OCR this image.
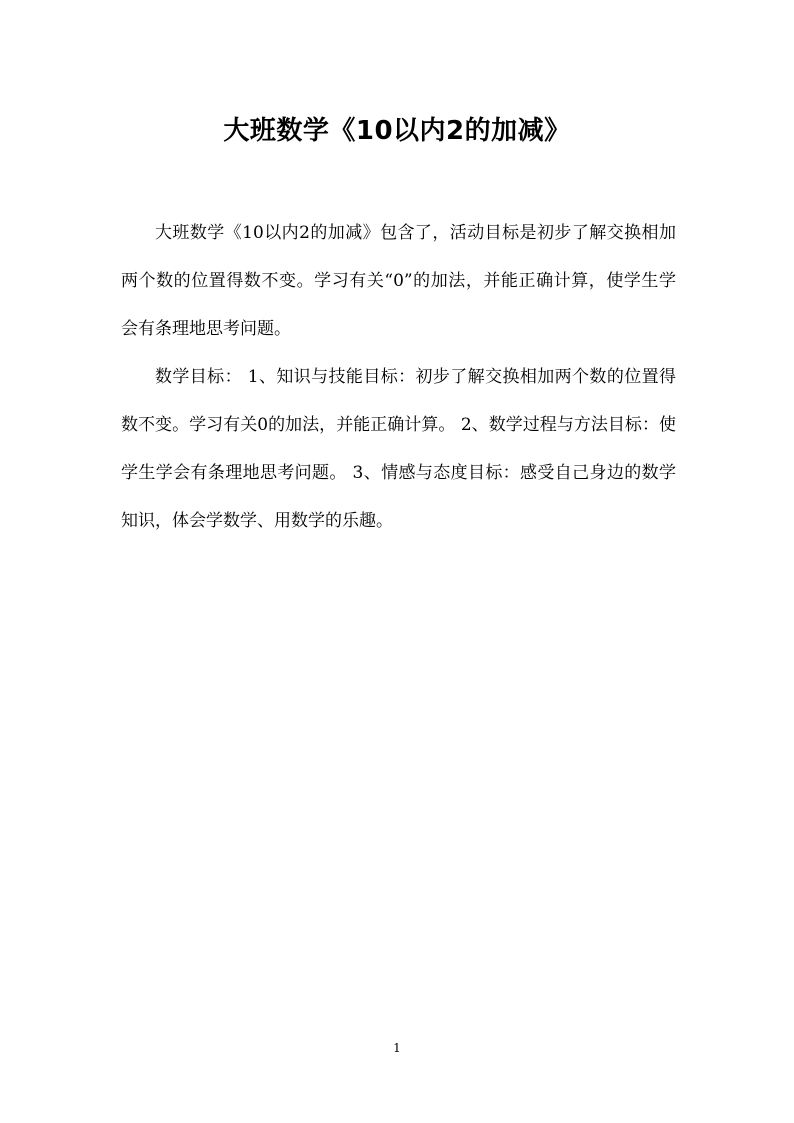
大班数学《10以内2的加减》

大班数学《10以内2的加减》包含了，活动目标是初步了解交换相加两个数的位置得数不变。学习有关“0”的加法，并能正确计算，使学生学会有条理地思考问题。

数学目标： 1、知识与技能目标：初步了解交换相加两个数的位置得数不变。学习有关0的加法，并能正确计算。 2、数学过程与方法目标：使学生学会有条理地思考问题。 3、情感与态度目标：感受自己身边的数学知识，体会学数学、用数学的乐趣。

1
